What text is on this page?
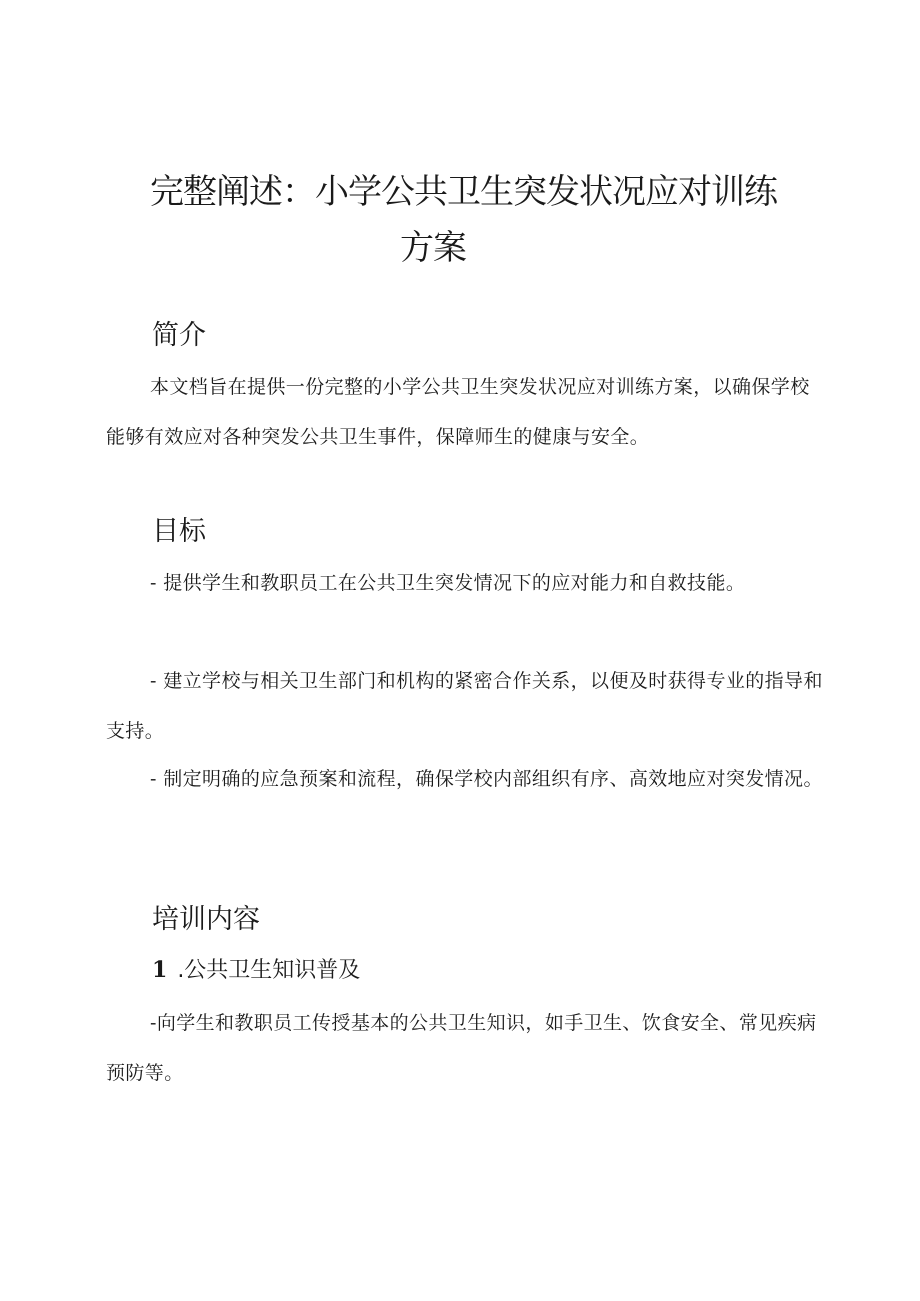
完整阐述：小学公共卫生突发状况应对训练
方案
简介

本文档旨在提供一份完整的小学公共卫生突发状况应对训练方案，以确保学校能够有效应对各种突发公共卫生事件，保障师生的健康与安全。

目标

- 提供学生和教职员工在公共卫生突发情况下的应对能力和自救技能。

- 建立学校与相关卫生部门和机构的紧密合作关系，以便及时获得专业的指导和支持。

- 制定明确的应急预案和流程，确保学校内部组织有序、高效地应对突发情况。

培训内容
1 .公共卫生知识普及

-向学生和教职员工传授基本的公共卫生知识，如手卫生、饮食安全、常见疾病预防等。
